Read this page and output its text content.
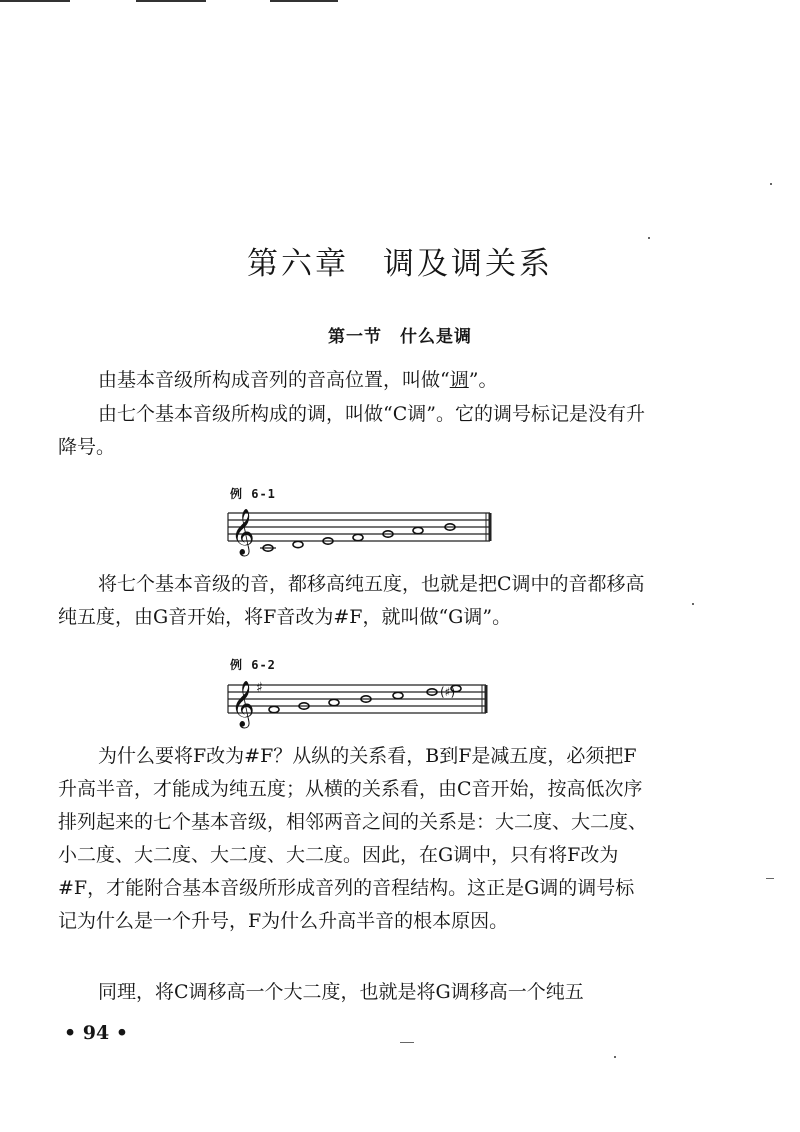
第六章　调及调关系
第一节　什么是调

由基本音级所构成音列的音高位置，叫做“调”。

由七个基本音级所构成的调，叫做“C调”。它的调号标记是没有升降号。

例 6-1
𝄞

将七个基本音级的音，都移高纯五度，也就是把C调中的音都移高纯五度，由G音开始，将F音改为#F，就叫做“G调”。

例 6-2
𝄞 ♯	(♯)

为什么要将F改为#F？从纵的关系看，B到F是减五度，必须把F升高半音，才能成为纯五度；从横的关系看，由C音开始，按高低次序排列起来的七个基本音级，相邻两音之间的关系是：大二度、大二度、小二度、大二度、大二度、大二度。因此，在G调中，只有将F改为#F，才能附合基本音级所形成音列的音程结构。这正是G调的调号标记为什么是一个升号，F为什么升高半音的根本原因。

同理，将C调移高一个大二度，也就是将G调移高一个纯五

• 94 •
